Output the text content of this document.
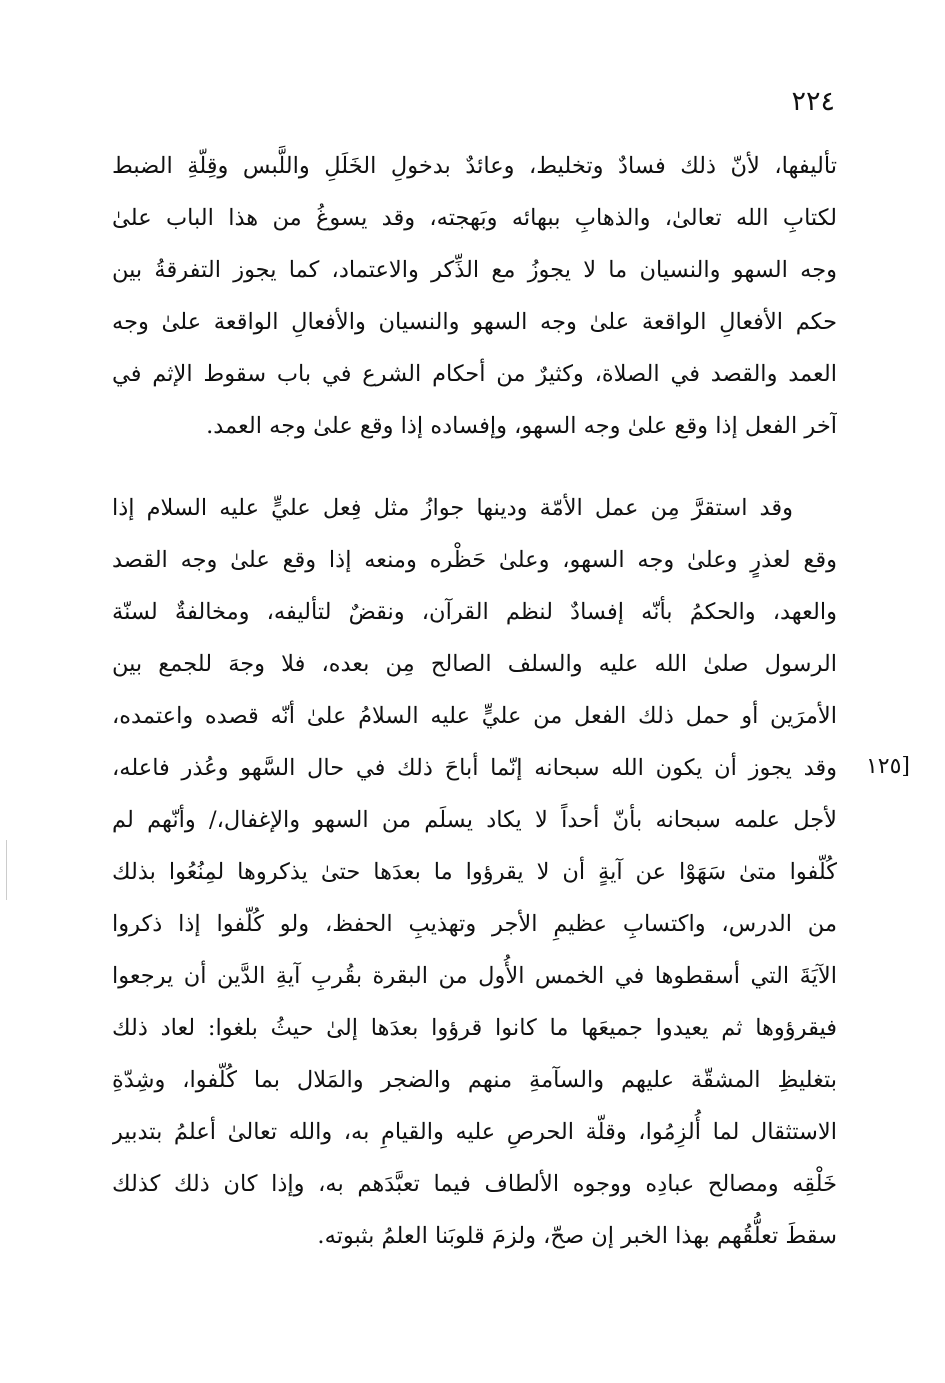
٢٢٤
تأليفها، لأنّ ذلك فسادٌ وتخليط، وعائدٌ بدخولِ الخَلَلِ واللَّبس وقِلّةِ الضبط
لكتابِ الله تعالىٰ، والذهابِ ببهائه وبَهجته، وقد يسوغُ من هذا الباب علىٰ
وجه السهو والنسيان ما لا يجوزُ مع الذِّكر والاعتماد، كما يجوز التفرقةُ بين
حكم الأفعالِ الواقعة علىٰ وجه السهو والنسيان والأفعالِ الواقعة علىٰ وجه
العمد والقصد في الصلاة، وكثيرٌ من أحكام الشرع في باب سقوط الإثم في
آخر الفعل إذا وقع علىٰ وجه السهو، وإفساده إذا وقع علىٰ وجه العمد.
وقد استقرَّ مِن عمل الأمّة ودينها جوازُ مثل فِعل عليٍّ عليه السلام إذا
وقع لعذرٍ وعلىٰ وجه السهو، وعلىٰ حَظْره ومنعه إذا وقع علىٰ وجه القصد
والعهد، والحكمُ بأنّه إفسادٌ لنظم القرآن، ونقضٌ لتأليفه، ومخالفةٌ لسنّة
الرسول صلىٰ الله عليه والسلف الصالح مِن بعده، فلا وجهَ للجمع بين
الأمرَين أو حمل ذلك الفعل من عليٍّ عليه السلامُ علىٰ أنّه قصده واعتمده،
وقد يجوز أن يكون الله سبحانه إنّما أباحَ ذلك في حال السَّهو وعُذر فاعله،
لأجل علمه سبحانه بأنّ أحداً لا يكاد يسلَم من السهو والإغفال،/ وأنّهم لم
كُلّفوا متىٰ سَهَوْا عن آيةٍ أن لا يقرؤوا ما بعدَها حتىٰ يذكروها لمِنُعُوا بذلك
من الدرس، واكتسابِ عظيمِ الأجر وتهذيبِ الحفظ، ولو كُلّفوا إذا ذكروا
الآيَةَ التي أسقطوها في الخمس الأُول من البقرة بقُربِ آيةِ الدَّين أن يرجعوا
فيقرؤوها ثم يعيدوا جميعَها ما كانوا قرؤوا بعدَها إلىٰ حيثُ بلغوا: لعاد ذلك
بتغليظِ المشقّة عليهم والسآمةِ منهم والضجر والمَلال بما كُلّفوا، وشِدّةِ
الاستثقال لما أُلزِمُوا، وقلّة الحرصِ عليه والقيامِ به، والله تعالىٰ أعلمُ بتدبير
خَلْقِه ومصالح عبادِه ووجوه الألطاف فيما تعبَّدَهم به، وإذا كان ذلك كذلك
سقطَ تعلُّقُهم بهذا الخبر إن صحّ، ولزمَ قلوبَنا العلمُ بثبوته.
[١٢٥
